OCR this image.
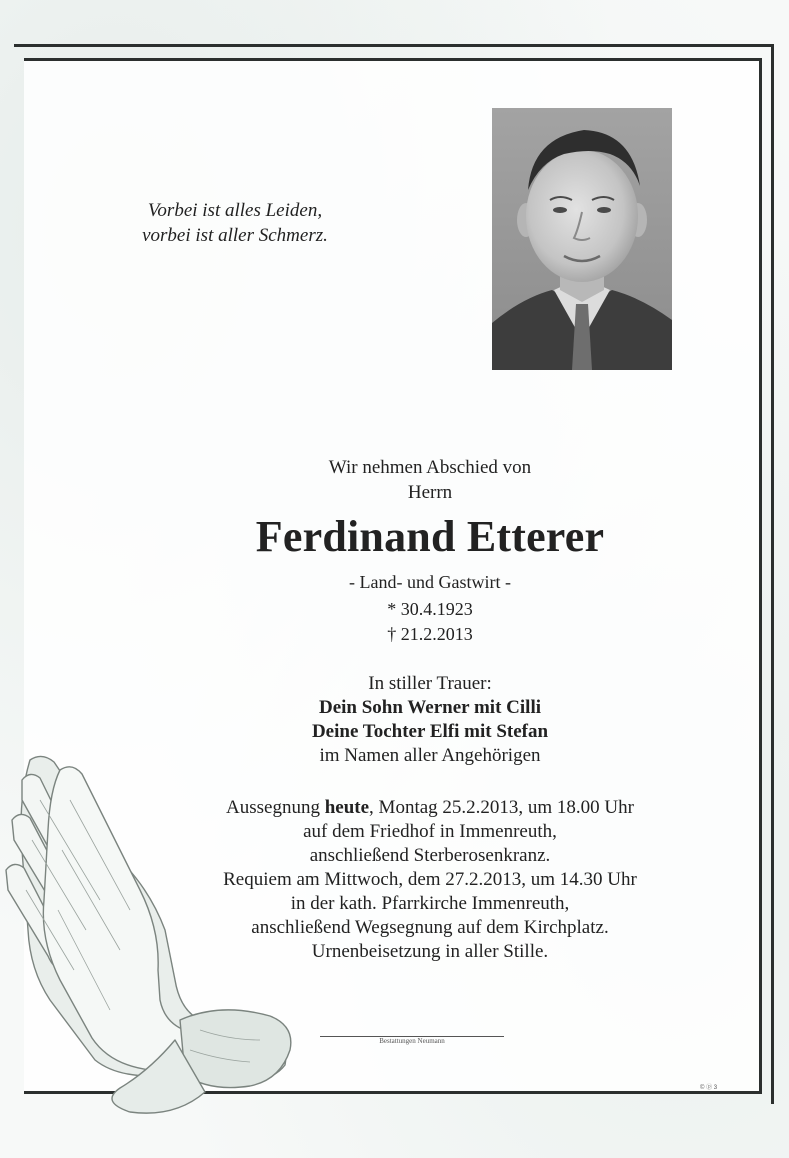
Vorbei ist alles Leiden,
vorbei ist aller Schmerz.
Wir nehmen Abschied von
Herrn
Ferdinand Etterer
- Land- und Gastwirt -
* 30.4.1923
† 21.2.2013
In stiller Trauer:
Dein Sohn Werner mit Cilli
Deine Tochter Elfi mit Stefan
im Namen aller Angehörigen
Aussegnung heute, Montag 25.2.2013, um 18.00 Uhr
auf dem Friedhof in Immenreuth,
anschließend Sterberosenkranz.
Requiem am Mittwoch, dem 27.2.2013, um 14.30 Uhr
in der kath. Pfarrkirche Immenreuth,
anschließend Wegsegnung auf dem Kirchplatz.
Urnenbeisetzung in aller Stille.
Bestattungen Neumann
© ⓟ 3
